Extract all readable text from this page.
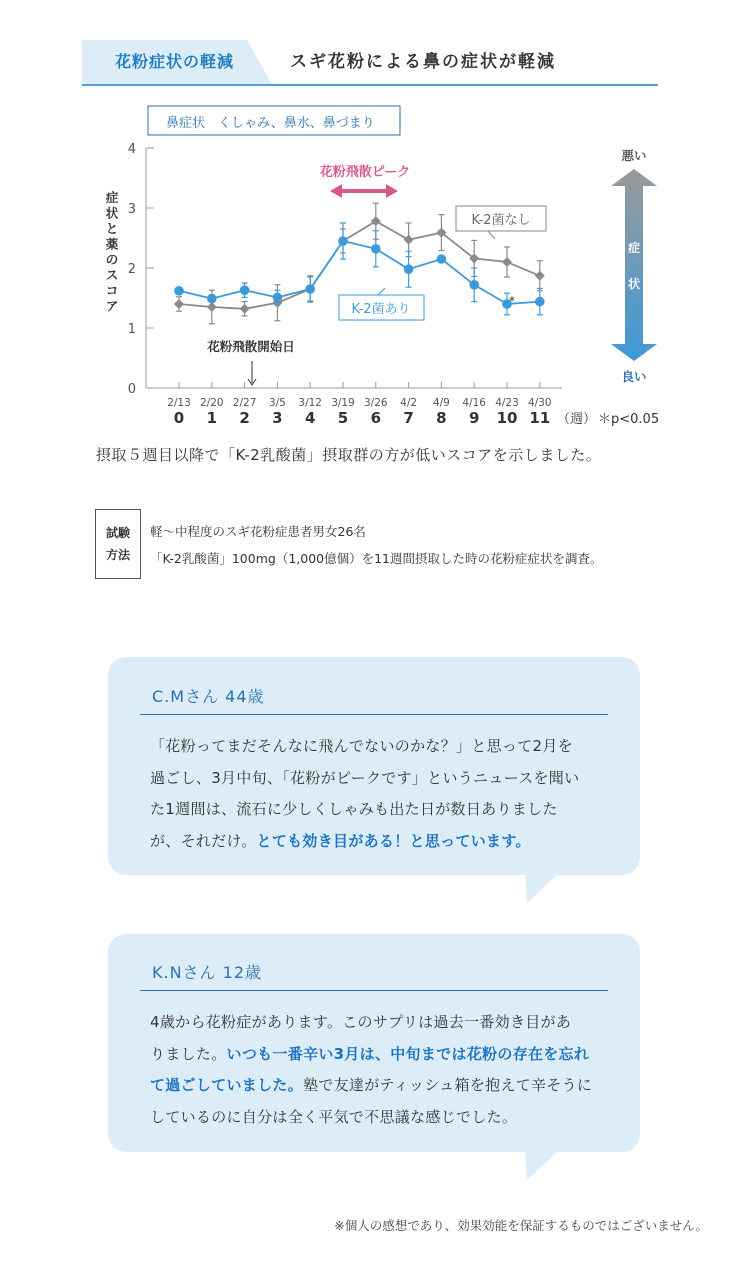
花粉症状の軽減	スギ花粉による鼻の症状が軽減
鼻症状　くしゃみ、鼻水、鼻づまり
症
状
と
薬
の
ス
コ
ア
0
1
2
3
4
2/13
0
2/20
1
2/27
2
3/5
3
3/12
4
3/19
5
3/26
6
4/2
7
4/9
8
4/16
9
4/23
10
4/30
11
花粉飛散ピーク
花粉飛散開始日
K-2菌なし
K-2菌あり
*
（週） ＊p<0.05
悪い
症
状
良い
摂取５週目以降で「K-2乳酸菌」摂取群の方が低いスコアを示しました。
試験
方法
軽〜中程度のスギ花粉症患者男女26名
「K-2乳酸菌」100mg（1,000億個）を11週間摂取した時の花粉症症状を調査。
C.Mさん 44歳
「花粉ってまだそんなに飛んでないのかな？」と思って2月を
過ごし、3月中旬、「花粉がピークです」というニュースを聞い
た1週間は、流石に少しくしゃみも出た日が数日ありました
が、それだけ。とても効き目がある！と思っています。
K.Nさん 12歳
4歳から花粉症があります。このサプリは過去一番効き目があ
りました。いつも一番辛い3月は、中旬までは花粉の存在を忘れ
て過ごしていました。塾で友達がティッシュ箱を抱えて辛そうに
しているのに自分は全く平気で不思議な感じでした。
※個人の感想であり、効果効能を保証するものではございません。
